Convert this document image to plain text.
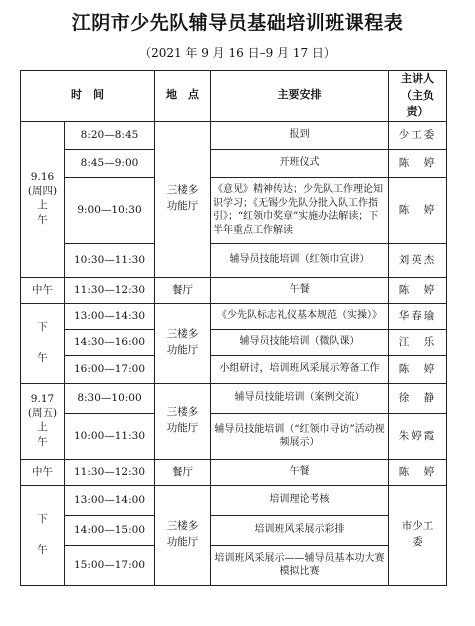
江阴市少先队辅导员基础培训班课程表
（2021 年 9 月 16 日–9 月 17 日）
时　间		地　点	主要安排	主讲人（主负责）

9.16
(周四)
上
午	8:20—8:45	三楼多功能厅	报到	少工委
	8:45—9:00		开班仪式	陈　婷
	9:00—10:30		《意见》精神传达；少先队工作理论知识学习；《无锡少先队分批入队工作指引》；“红领巾奖章”实施办法解读；下半年重点工作解读	陈　婷
	10:30—11:30		辅导员技能培训（红领巾宣讲）	刘英杰
中午	11:30—12:30	餐厅	午餐	陈　婷
下
午	13:00—14:30	三楼多功能厅	《少先队标志礼仪基本规范（实操）》	华春瑜
	14:30—16:00		辅导员技能培训（微队课）	江　乐
	16:00—17:00		小组研讨，培训班风采展示筹备工作	陈　婷

9.17
(周五)
上
午	8:30—10:00	三楼多功能厅	辅导员技能培训（案例交流）	徐　静
	10:00—11:30		辅导员技能培训（“红领巾寻访”活动视频展示）	朱婷霞
中午	11:30—12:30	餐厅	午餐	陈　婷
下
午	13:00—14:00	三楼多功能厅	培训理论考核	市少工委
	14:00—15:00		培训班风采展示彩排	
	15:00—17:00		培训班风采展示——辅导员基本功大赛模拟比赛	
